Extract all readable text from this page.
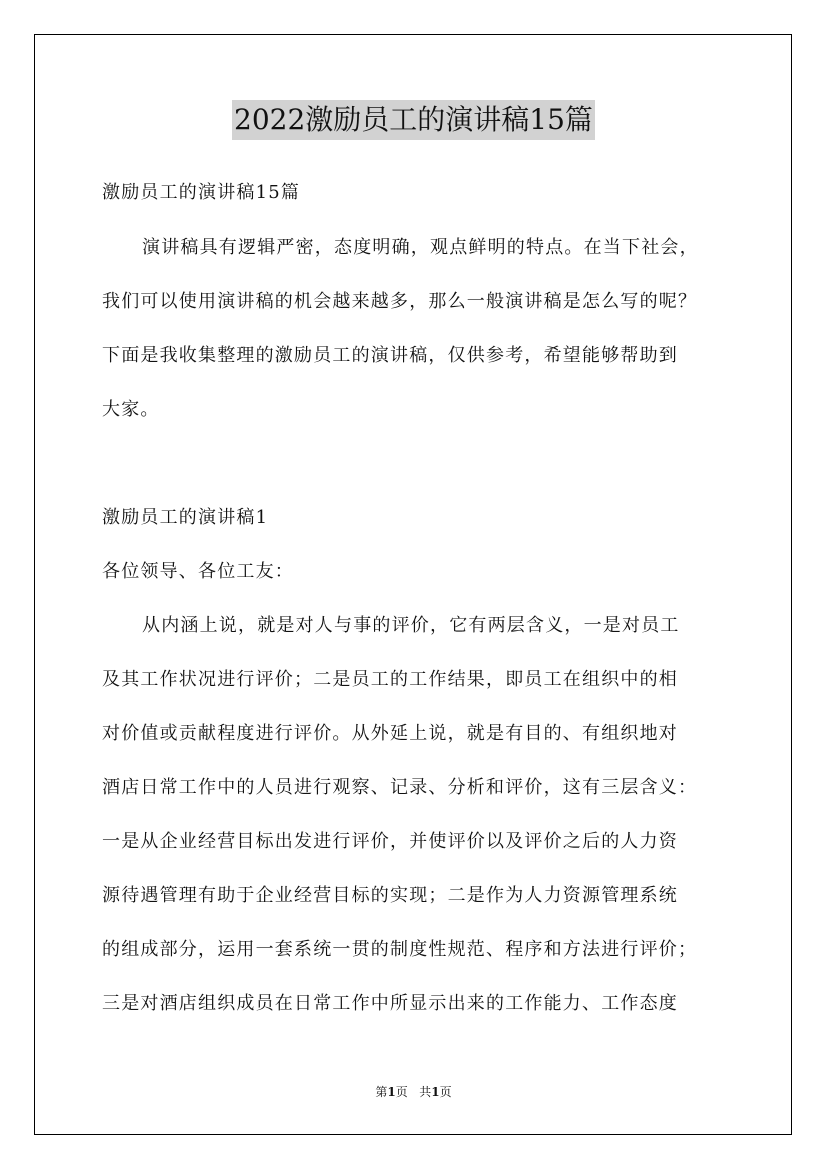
2022激励员工的演讲稿15篇
激励员工的演讲稿15篇
演讲稿具有逻辑严密，态度明确，观点鲜明的特点。在当下社会，
我们可以使用演讲稿的机会越来越多，那么一般演讲稿是怎么写的呢？
下面是我收集整理的激励员工的演讲稿，仅供参考，希望能够帮助到
大家。
激励员工的演讲稿1
各位领导、各位工友：
从内涵上说，就是对人与事的评价，它有两层含义，一是对员工
及其工作状况进行评价；二是员工的工作结果，即员工在组织中的相
对价值或贡献程度进行评价。从外延上说，就是有目的、有组织地对
酒店日常工作中的人员进行观察、记录、分析和评价，这有三层含义：
一是从企业经营目标出发进行评价，并使评价以及评价之后的人力资
源待遇管理有助于企业经营目标的实现；二是作为人力资源管理系统
的组成部分，运用一套系统一贯的制度性规范、程序和方法进行评价；
三是对酒店组织成员在日常工作中所显示出来的工作能力、工作态度
第1页 共1页
